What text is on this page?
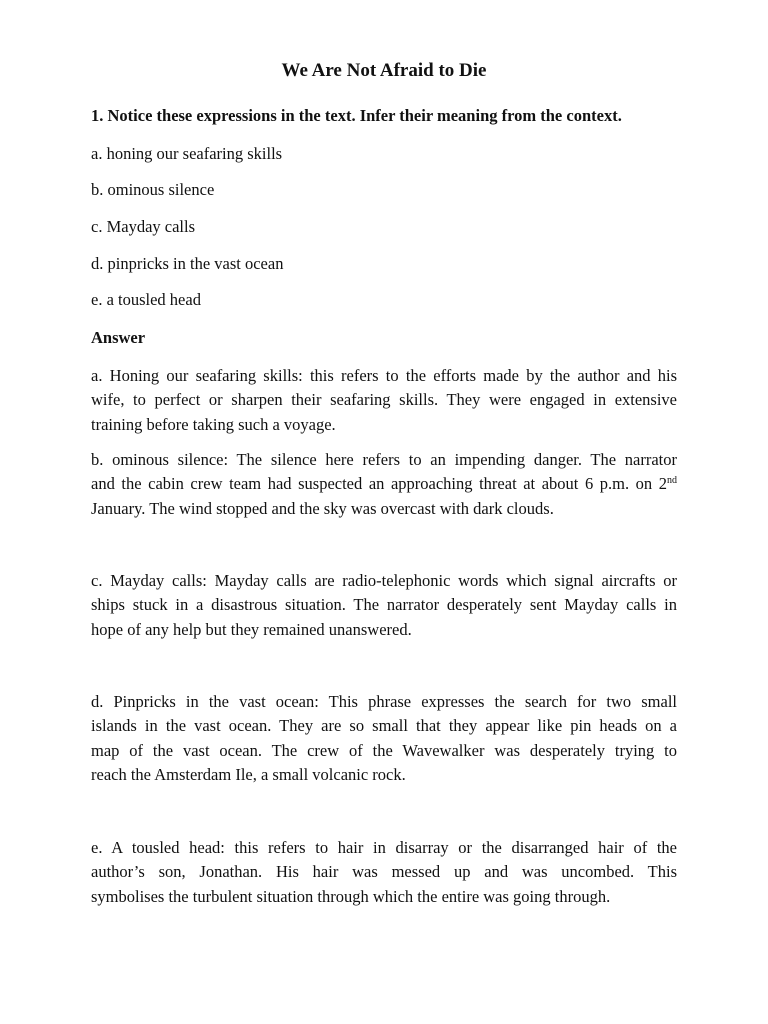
We Are Not Afraid to Die
1. Notice these expressions in the text. Infer their meaning from the context.
a. honing our seafaring skills
b. ominous silence
c. Mayday calls
d. pinpricks in the vast ocean
e. a tousled head
Answer
a. Honing our seafaring skills: this refers to the efforts made by the author and his
wife, to perfect or sharpen their seafaring skills. They were engaged in extensive
training before taking such a voyage.
b. ominous silence: The silence here refers to an impending danger. The narrator
and the cabin crew team had suspected an approaching threat at about 6 p.m. on 2nd
January. The wind stopped and the sky was overcast with dark clouds.
c. Mayday calls: Mayday calls are radio-telephonic words which signal aircrafts or
ships stuck in a disastrous situation. The narrator desperately sent Mayday calls in
hope of any help but they remained unanswered.
d. Pinpricks in the vast ocean: This phrase expresses the search for two small
islands in the vast ocean. They are so small that they appear like pin heads on a
map of the vast ocean. The crew of the Wavewalker was desperately trying to
reach the Amsterdam Ile, a small volcanic rock.
e. A tousled head: this refers to hair in disarray or the disarranged hair of the
author’s son, Jonathan. His hair was messed up and was uncombed. This
symbolises the turbulent situation through which the entire was going through.
